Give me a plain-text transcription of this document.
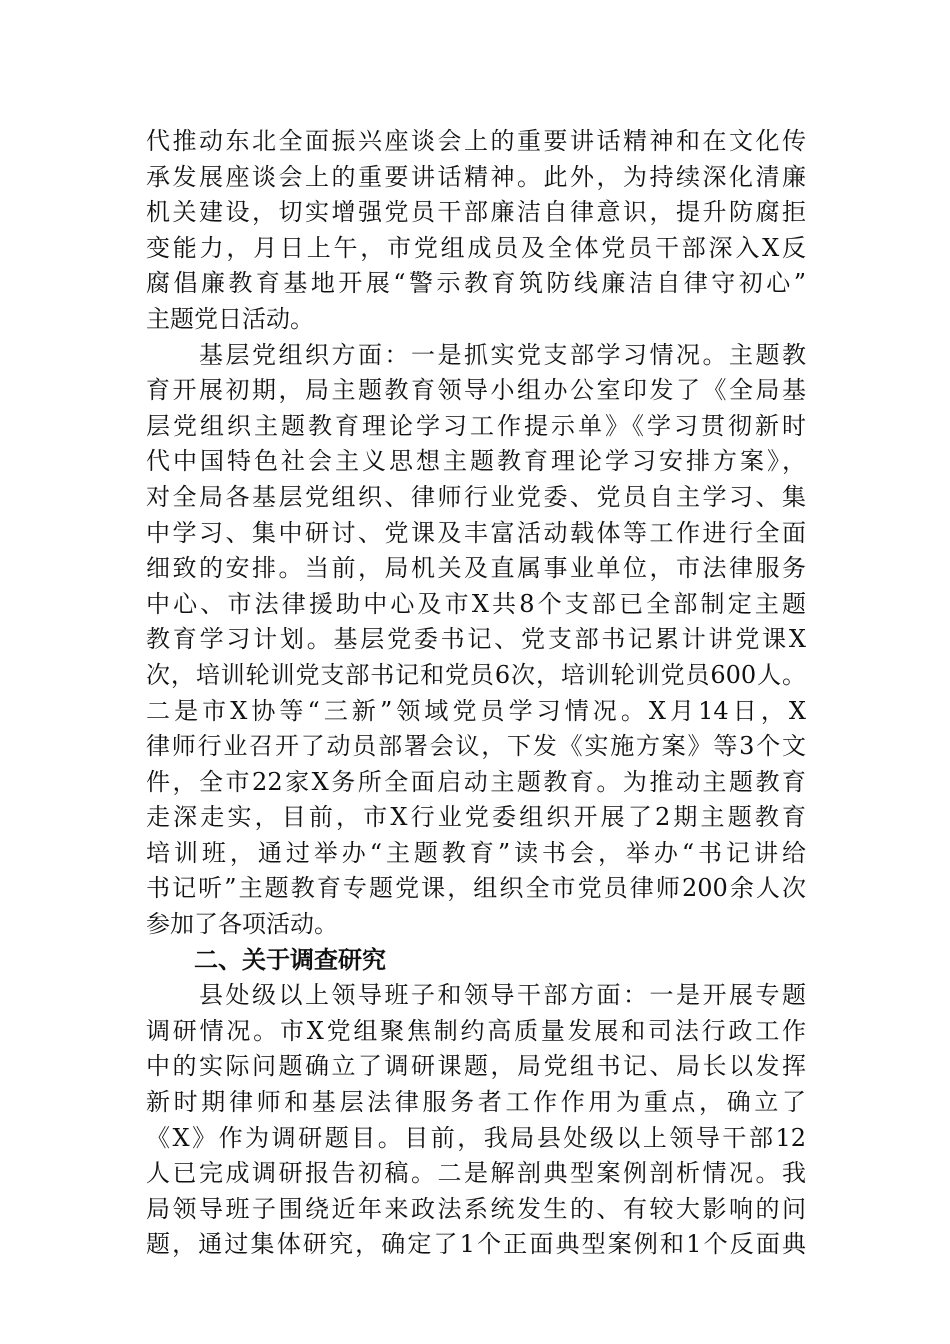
代推动东北全面振兴座谈会上的重要讲话精神和在文化传
承发展座谈会上的重要讲话精神。此外，为持续深化清廉
机关建设，切实增强党员干部廉洁自律意识，提升防腐拒
变能力，月日上午，市党组成员及全体党员干部深入X反
腐倡廉教育基地开展“警示教育筑防线廉洁自律守初心”
主题党日活动。
　　基层党组织方面：一是抓实党支部学习情况。主题教
育开展初期，局主题教育领导小组办公室印发了《全局基
层党组织主题教育理论学习工作提示单》《学习贯彻新时
代中国特色社会主义思想主题教育理论学习安排方案》，
对全局各基层党组织、律师行业党委、党员自主学习、集
中学习、集中研讨、党课及丰富活动载体等工作进行全面
细致的安排。当前，局机关及直属事业单位，市法律服务
中心、市法律援助中心及市X共8个支部已全部制定主题
教育学习计划。基层党委书记、党支部书记累计讲党课X
次，培训轮训党支部书记和党员6次，培训轮训党员600人。
二是市X协等“三新”领域党员学习情况。X月14日，X
律师行业召开了动员部署会议，下发《实施方案》等3个文
件，全市22家X务所全面启动主题教育。为推动主题教育
走深走实，目前，市X行业党委组织开展了2期主题教育
培训班，通过举办“主题教育”读书会，举办“书记讲给
书记听”主题教育专题党课，组织全市党员律师200余人次
参加了各项活动。
二、关于调查研究
　　县处级以上领导班子和领导干部方面：一是开展专题
调研情况。市X党组聚焦制约高质量发展和司法行政工作
中的实际问题确立了调研课题，局党组书记、局长以发挥
新时期律师和基层法律服务者工作作用为重点，确立了
《X》作为调研题目。目前，我局县处级以上领导干部12
人已完成调研报告初稿。二是解剖典型案例剖析情况。我
局领导班子围绕近年来政法系统发生的、有较大影响的问
题，通过集体研究，确定了1个正面典型案例和1个反面典
